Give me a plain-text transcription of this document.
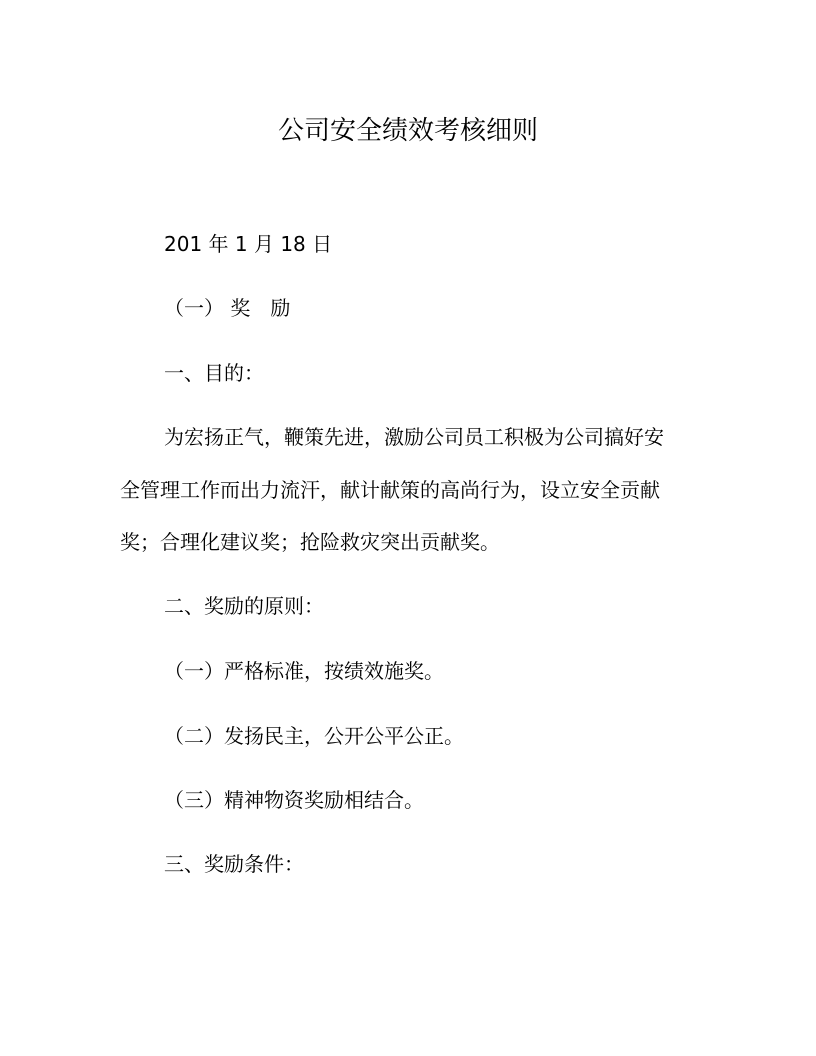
公司安全绩效考核细则
201 年 1 月 18 日
（一） 奖　励
一、目的：
为宏扬正气，鞭策先进，激励公司员工积极为公司搞好安
全管理工作而出力流汗，献计献策的高尚行为，设立安全贡献
奖；合理化建议奖；抢险救灾突出贡献奖。
二、奖励的原则：
（一）严格标准，按绩效施奖。
（二）发扬民主，公开公平公正。
（三）精神物资奖励相结合。
三、奖励条件：
